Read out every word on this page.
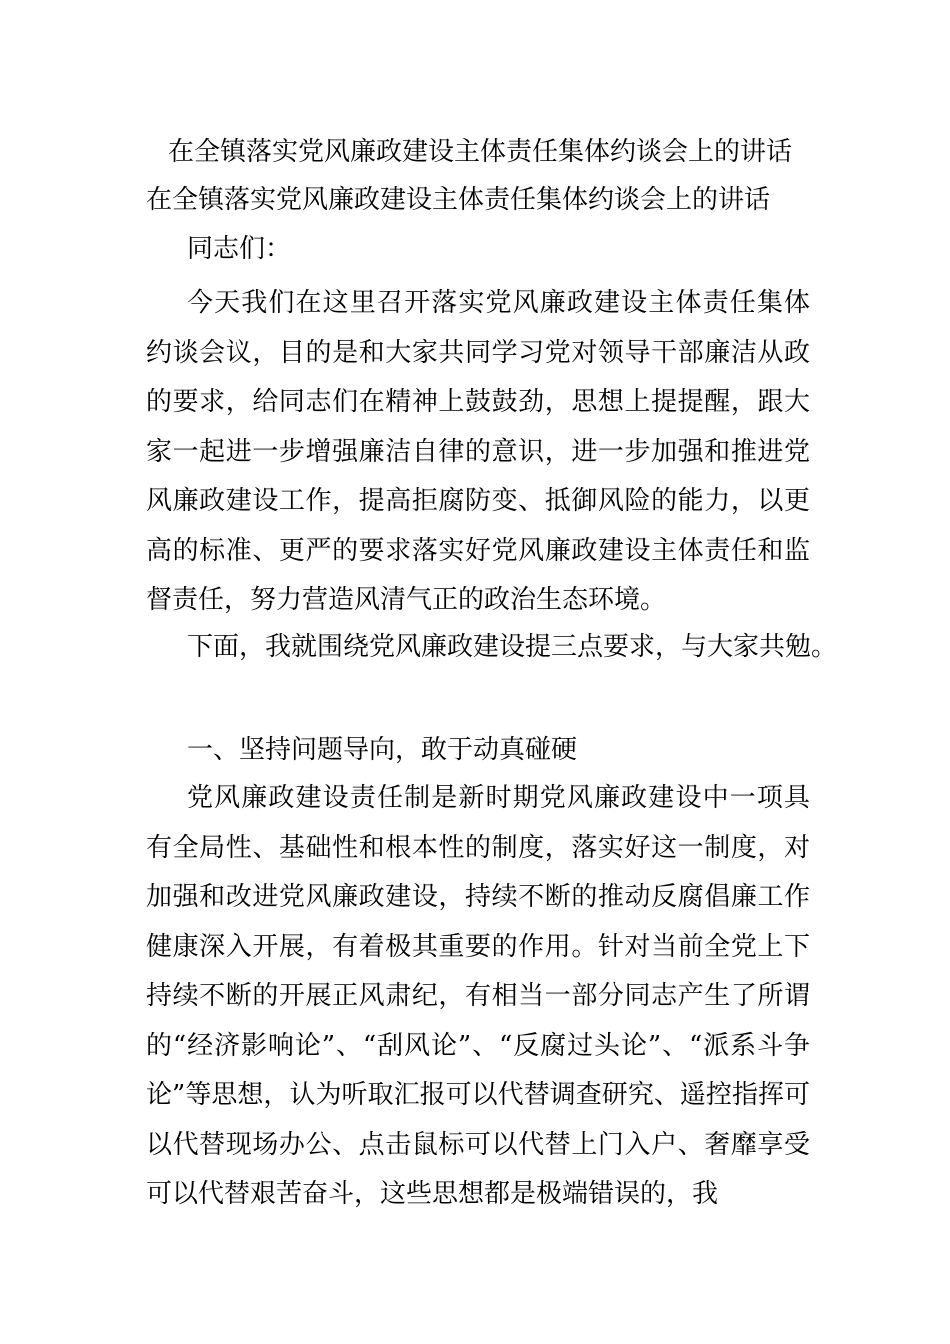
在全镇落实党风廉政建设主体责任集体约谈会上的讲话

在全镇落实党风廉政建设主体责任集体约谈会上的讲话

同志们：

今天我们在这里召开落实党风廉政建设主体责任集体约谈会议，目的是和大家共同学习党对领导干部廉洁从政的要求，给同志们在精神上鼓鼓劲，思想上提提醒，跟大家一起进一步增强廉洁自律的意识，进一步加强和推进党风廉政建设工作，提高拒腐防变、抵御风险的能力，以更高的标准、更严的要求落实好党风廉政建设主体责任和监督责任，努力营造风清气正的政治生态环境。

下面，我就围绕党风廉政建设提三点要求，与大家共勉。

一、坚持问题导向，敢于动真碰硬

党风廉政建设责任制是新时期党风廉政建设中一项具有全局性、基础性和根本性的制度，落实好这一制度，对加强和改进党风廉政建设，持续不断的推动反腐倡廉工作健康深入开展，有着极其重要的作用。针对当前全党上下持续不断的开展正风肃纪，有相当一部分同志产生了所谓的“经济影响论”、“刮风论”、“反腐过头论”、“派系斗争论”等思想，认为听取汇报可以代替调查研究、遥控指挥可以代替现场办公、点击鼠标可以代替上门入户、奢靡享受可以代替艰苦奋斗，这些思想都是极端错误的，我
